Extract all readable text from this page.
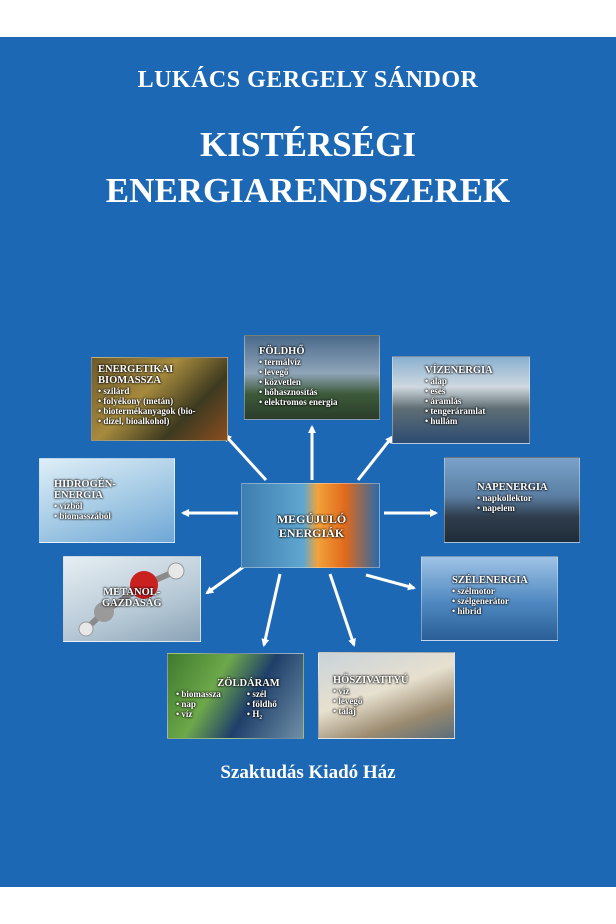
LUKÁCS GERGELY SÁNDOR
KISTÉRSÉGI
ENERGIARENDSZEREK
ENERGETIKAI
BIOMASSZA
• szilárd
• folyékony (metán)
• biotermékanyagok (bio-
• dízel, bioalkohol)
FÖLDHŐ
• termálvíz
• levegő
• közvetlen
• hőhasznosítás
• elektromos energia
VÍZENERGIA
• alap
• esés
• áramlás
• tengeráramlat
• hullám
HIDROGÉN-
ENERGIA
• vízből
• biomasszából	MEGÚJULÓ
ENERGIÁK
NAPENERGIA
• napkollektor
• napelem
METANOL-
GAZDASÁG
SZÉLENERGIA
• szélmotor
• szélgenerátor
• hibrid
ZÖLDÁRAM
• biomassza
• nap
• víz
• szél
• földhő
• H₂
HŐSZIVATTYÚ
• víz
• levegő
• talaj
Szaktudás Kiadó Ház
